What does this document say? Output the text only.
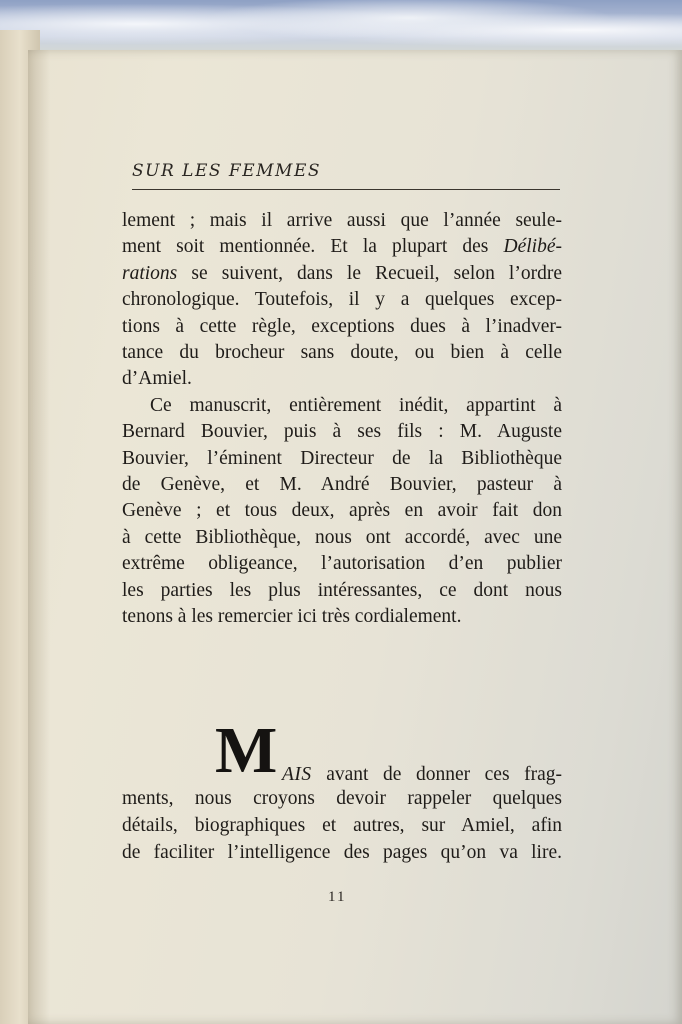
SUR LES FEMMES
lement ; mais il arrive aussi que l’année seule-
ment soit mentionnée. Et la plupart des Délibé-
rations se suivent, dans le Recueil, selon l’ordre
chronologique. Toutefois, il y a quelques excep-
tions à cette règle, exceptions dues à l’inadver-
tance du brocheur sans doute, ou bien à celle
d’Amiel.
Ce manuscrit, entièrement inédit, appartint à
Bernard Bouvier, puis à ses fils : M. Auguste
Bouvier, l’éminent Directeur de la Bibliothèque
de Genève, et M. André Bouvier, pasteur à
Genève ; et tous deux, après en avoir fait don
à cette Bibliothèque, nous ont accordé, avec une
extrême obligeance, l’autorisation d’en publier
les parties les plus intéressantes, ce dont nous
tenons à les remercier ici très cordialement.
M AIS avant de donner ces frag-
ments, nous croyons devoir rappeler quelques
détails, biographiques et autres, sur Amiel, afin
de faciliter l’intelligence des pages qu’on va lire.
11
